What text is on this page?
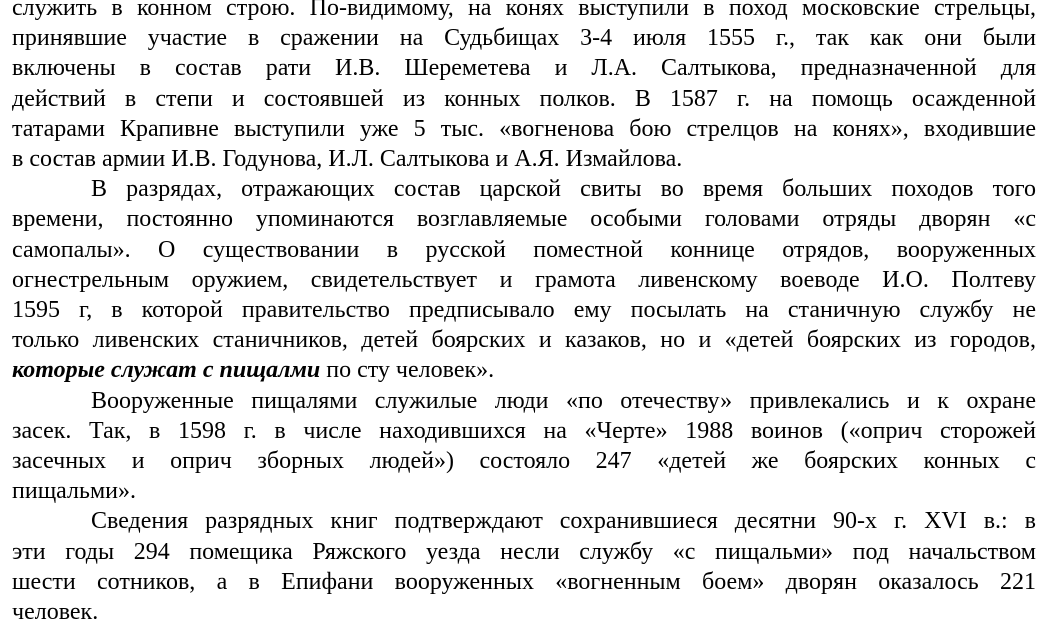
служить в конном строю. По-видимому, на конях выступили в поход московские стрельцы,
принявшие участие в сражении на Судьбищах 3-4 июля 1555 г., так как они были
включены в состав рати И.В. Шереметева и Л.А. Салтыкова, предназначенной для
действий в степи и состоявшей из конных полков. В 1587 г. на помощь осажденной
татарами Крапивне выступили уже 5 тыс. «вогненова бою стрелцов на конях», входившие
в состав армии И.В. Годунова, И.Л. Салтыкова и А.Я. Измайлова.
В разрядах, отражающих состав царской свиты во время больших походов того
времени, постоянно упоминаются возглавляемые особыми головами отряды дворян «с
самопалы». О существовании в русской поместной коннице отрядов, вооруженных
огнестрельным оружием, свидетельствует и грамота ливенскому воеводе И.О. Полтеву
1595 г, в которой правительство предписывало ему посылать на станичную службу не
только ливенских станичников, детей боярских и казаков, но и «детей боярских из городов,
которые служат с пищалми по сту человек».
Вооруженные пищалями служилые люди «по отечеству» привлекались и к охране
засек. Так, в 1598 г. в числе находившихся на «Черте» 1988 воинов («оприч сторожей
засечных и оприч зборных людей») состояло 247 «детей же боярских конных с
пищальми».
Сведения разрядных книг подтверждают сохранившиеся десятни 90-х г. XVI в.: в
эти годы 294 помещика Ряжского уезда несли службу «с пищальми» под начальством
шести сотников, а в Епифани вооруженных «вогненным боем» дворян оказалось 221
человек.
